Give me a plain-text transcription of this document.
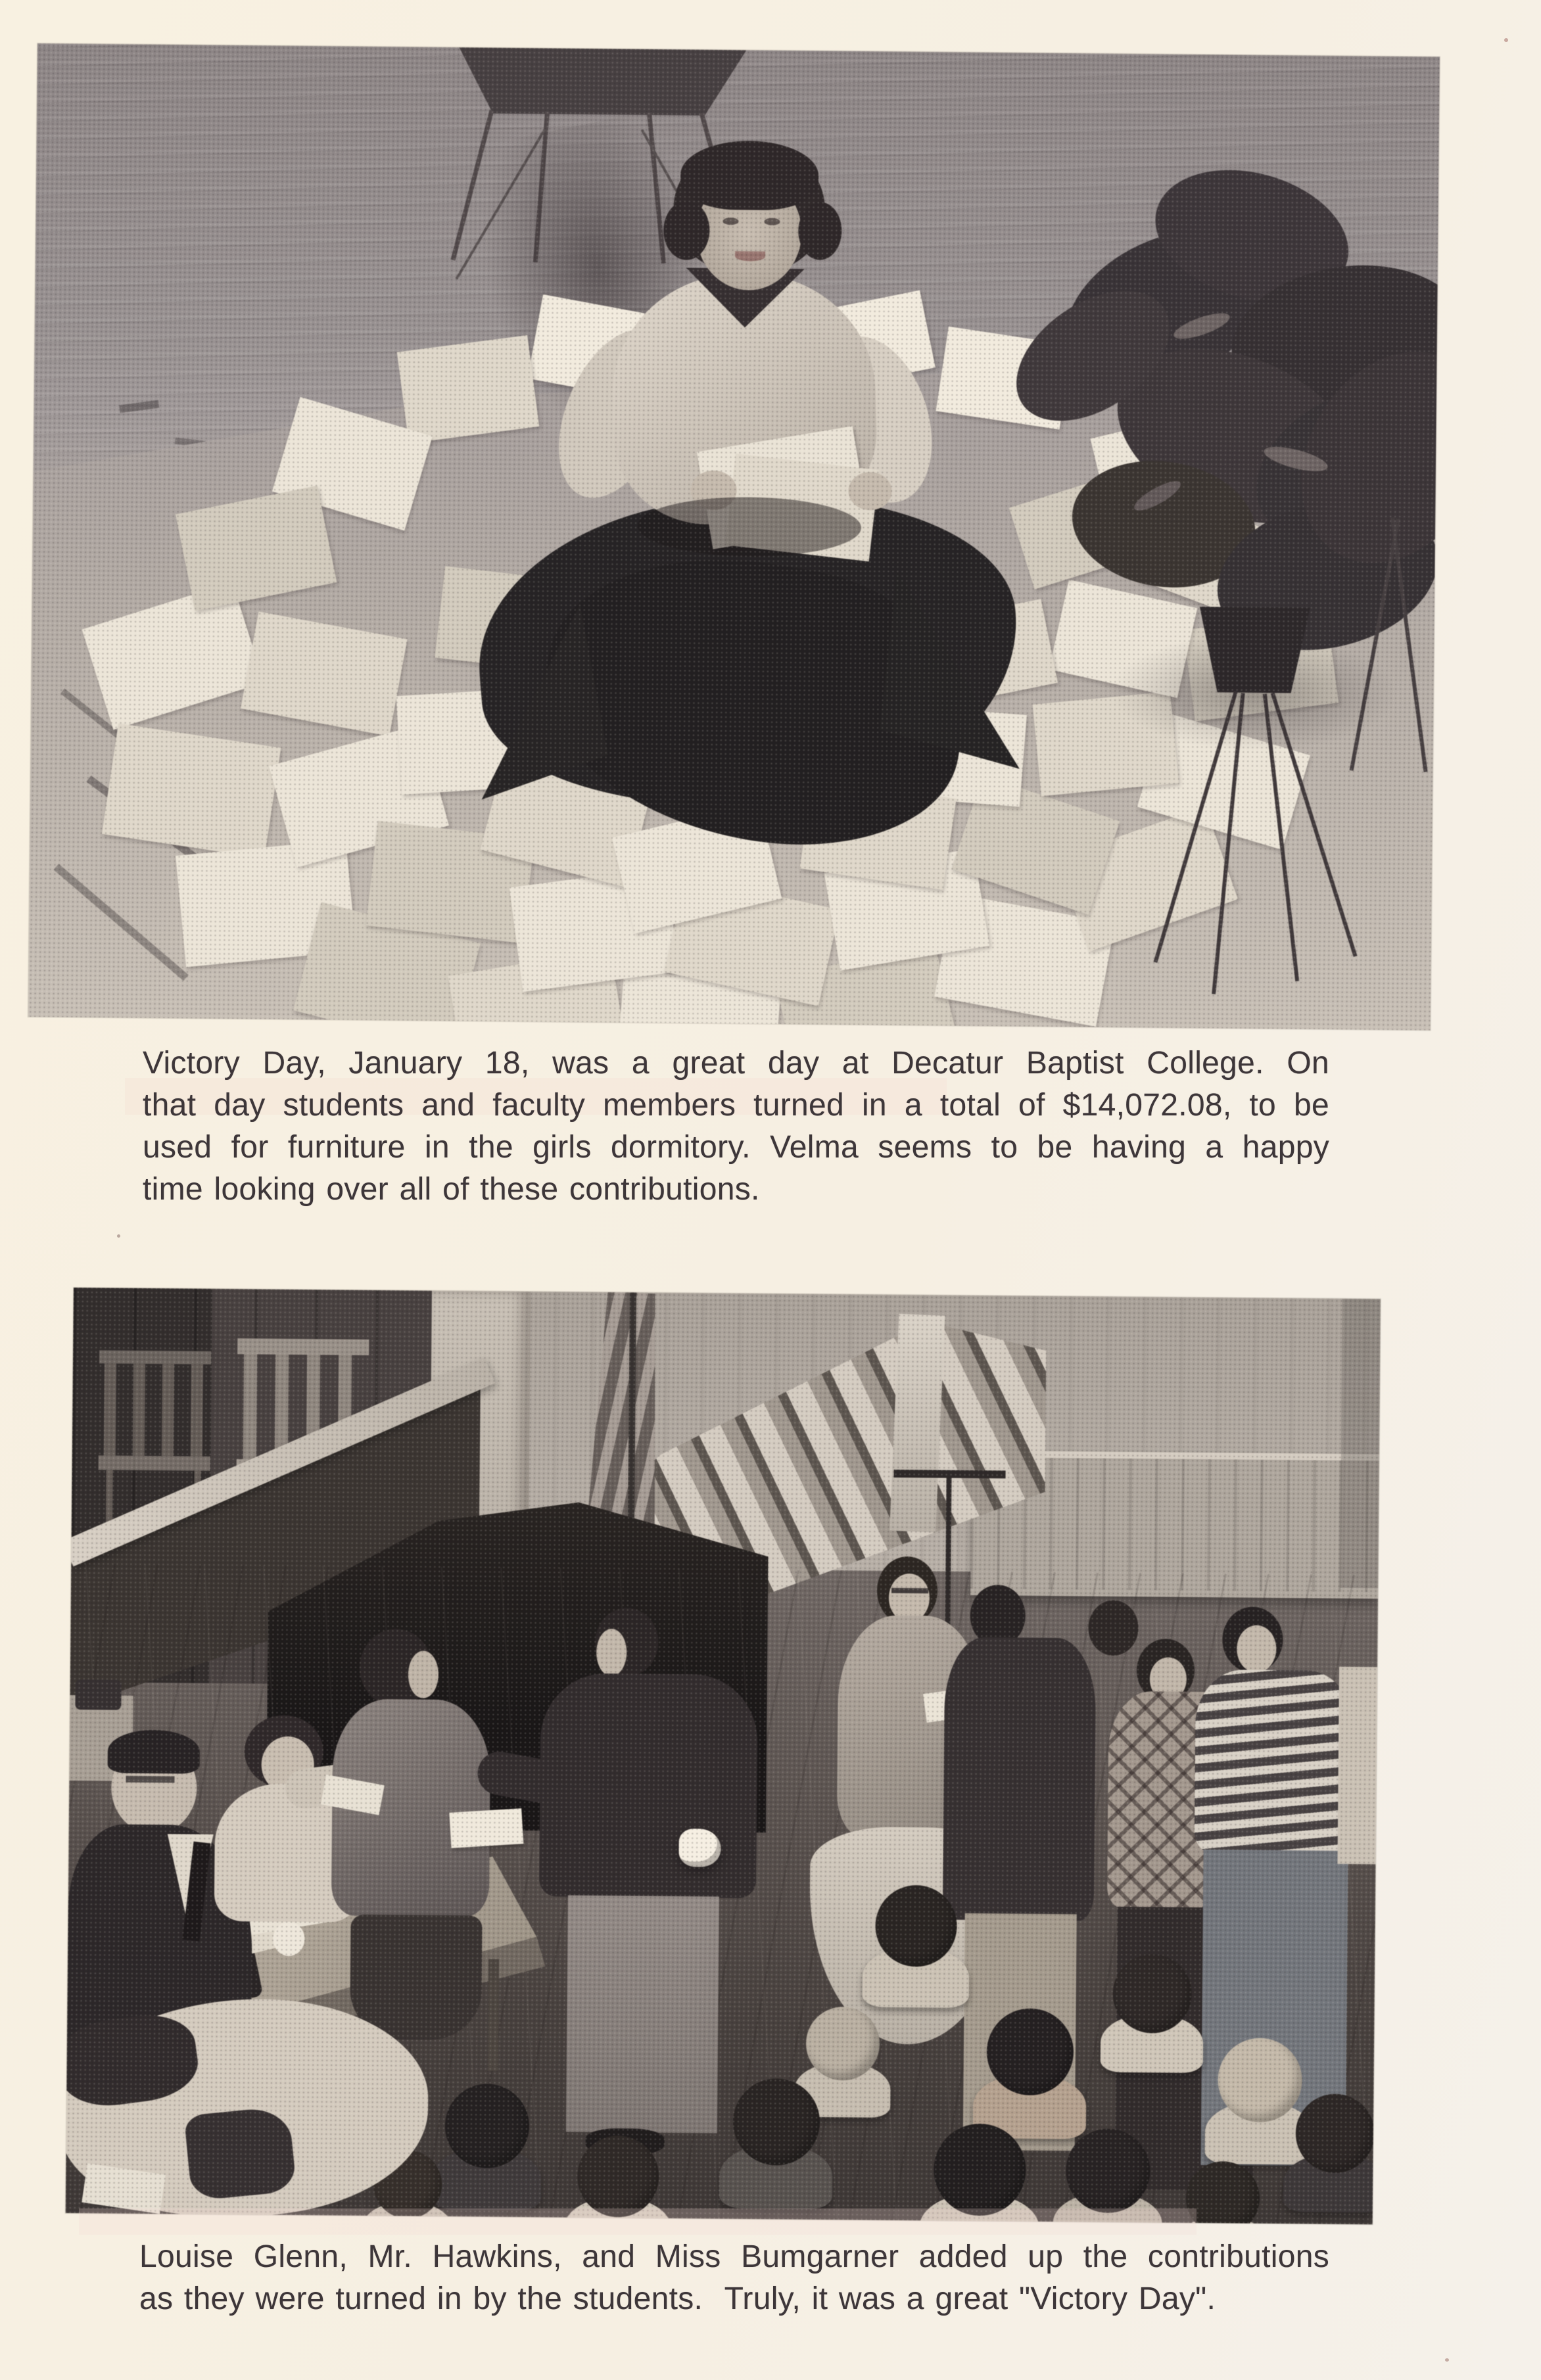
Victory Day, January 18, was a great day at Decatur Baptist College. On
that day students and faculty members turned in a total of $14,072.08, to be
used for furniture in the girls dormitory. Velma seems to be having a happy
time looking over all of these contributions.
Louise Glenn, Mr. Hawkins, and Miss Bumgarner added up the contributions
as they were turned in by the students.  Truly, it was a great "Victory Day".
